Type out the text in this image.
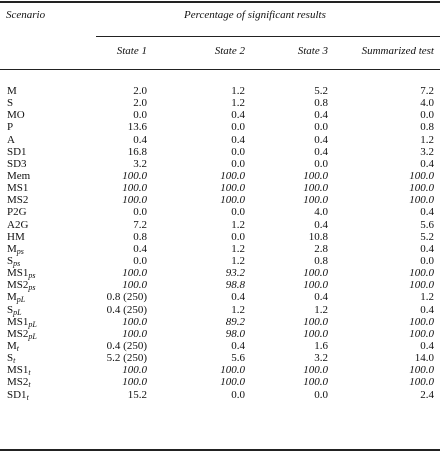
Scenario	Percentage of significant results
State 1	State 2	State 3	Summarized test
M	2.0	1.2	5.2	7.2
S	2.0	1.2	0.8	4.0
MO	0.0	0.4	0.4	0.0
P	13.6	0.0	0.0	0.8
A	0.4	0.4	0.4	1.2
SD1	16.8	0.0	0.4	3.2
SD3	3.2	0.0	0.0	0.4
Mem	100.0	100.0	100.0	100.0
MS1	100.0	100.0	100.0	100.0
MS2	100.0	100.0	100.0	100.0
P2G	0.0	0.0	4.0	0.4
A2G	7.2	1.2	0.4	5.6
HM	0.8	0.0	10.8	5.2
Mps	0.4	1.2	2.8	0.4
Sps	0.0	1.2	0.8	0.0
MS1ps	100.0	93.2	100.0	100.0
MS2ps	100.0	98.8	100.0	100.0
MpL	0.8 (250)	0.4	0.4	1.2
SpL	0.4 (250)	1.2	1.2	0.4
MS1pL	100.0	89.2	100.0	100.0
MS2pL	100.0	98.0	100.0	100.0
Mt	0.4 (250)	0.4	1.6	0.4
St	5.2 (250)	5.6	3.2	14.0
MS1t	100.0	100.0	100.0	100.0
MS2t	100.0	100.0	100.0	100.0
SD1t	15.2	0.0	0.0	2.4
